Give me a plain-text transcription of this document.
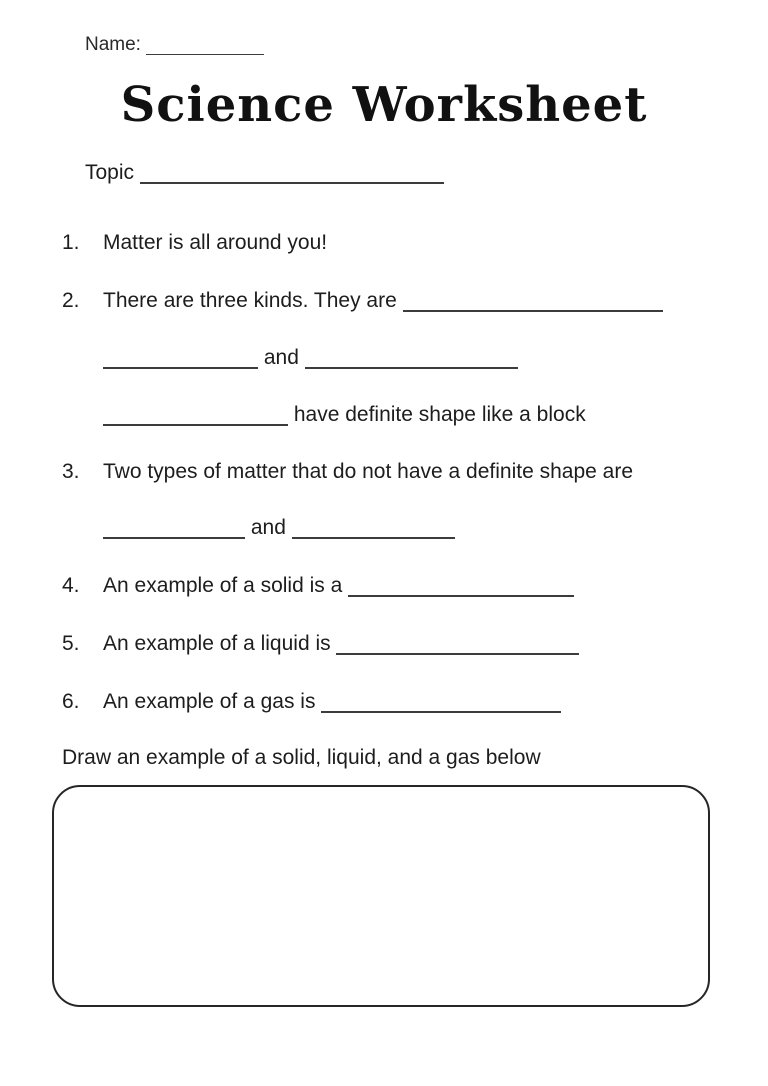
Name:
Science Worksheet
Topic
1.	Matter is all around you!
2.	There are three kinds. They are
and
have definite shape like a block
3.	Two types of matter that do not have a definite shape are
and
4.	An example of a solid is a
5.	An example of a liquid is
6.	An example of a gas is
Draw an example of a solid, liquid, and a gas below
